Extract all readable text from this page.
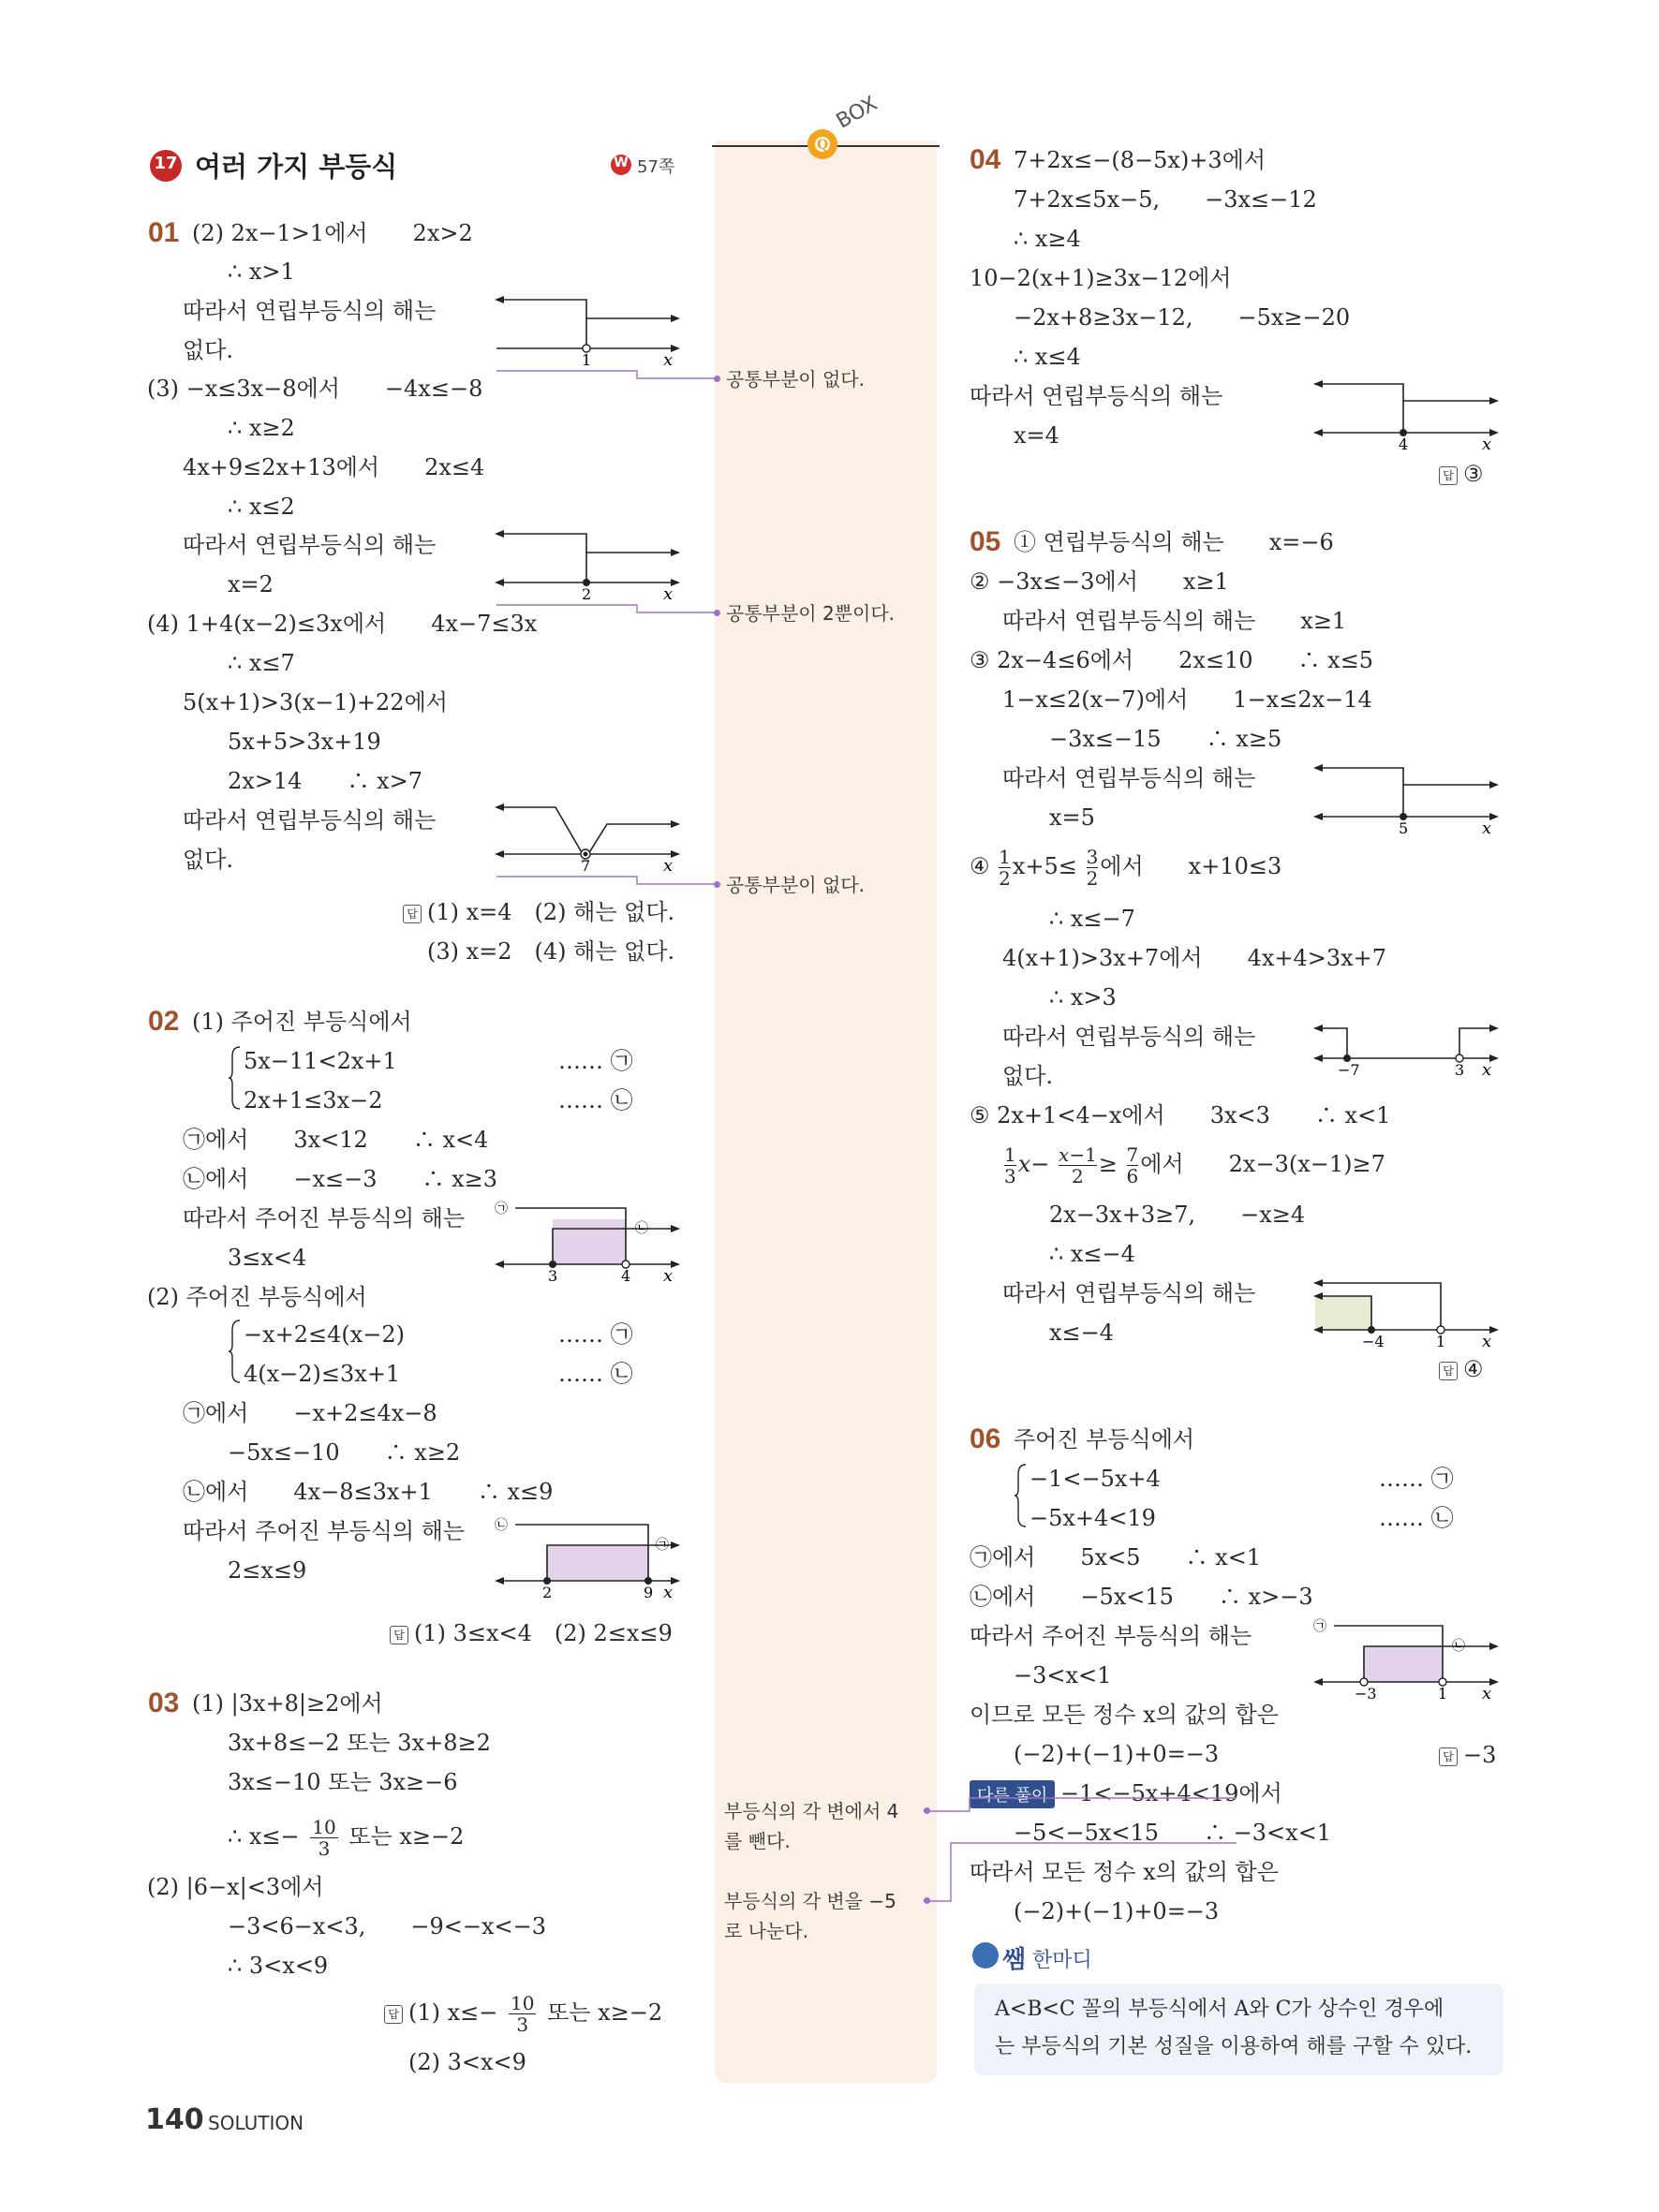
Q
BOX
17 여러 가지 부등식	W 57쪽
01 (2) 2x−1>1에서　　2x>2
∴ x>1
따라서 연립부등식의 해는
없다.
(3) −x≤3x−8에서　　−4x≤−8
∴ x≥2
4x+9≤2x+13에서　　2x≤4
∴ x≤2
따라서 연립부등식의 해는
x=2
(4) 1+4(x−2)≤3x에서　　4x−7≤3x
∴ x≤7
5(x+1)>3(x−1)+22에서
5x+5>3x+19
2x>14　　∴ x>7
따라서 연립부등식의 해는
없다.
1	x
2	x
7	x
공통부분이 없다.
공통부분이 2뿐이다.
공통부분이 없다.
답 (1) x=4　(2) 해는 없다.
(3) x=2　(4) 해는 없다.
02 (1) 주어진 부등식에서
5x−11<2x+1
2x+1≤3x−2
…… ㉠
…… ㉡
㉠에서　　3x<12　　∴ x<4
㉡에서　　−x≤−3　　∴ x≥3
따라서 주어진 부등식의 해는
3≤x<4
(2) 주어진 부등식에서
−x+2≤4(x−2)
4(x−2)≤3x+1
…… ㉠
…… ㉡
㉠에서　　−x+2≤4x−8
−5x≤−10　　∴ x≥2
㉡에서　　4x−8≤3x+1　　∴ x≤9
따라서 주어진 부등식의 해는
2≤x≤9
㉠
㉡
3	4 x
㉡
㉠
2	9 x
답 (1) 3≤x<4　(2) 2≤x≤9
03 (1) |3x+8|≥2에서
3x+8≤−2 또는 3x+8≥2
3x≤−10 또는 3x≥−6
∴ $x\le- \frac{10}{3}$ 또는 x≥−2
(2) |6−x|<3에서
−3<6−x<3,　　−9<−x<−3
∴ 3<x<9
답 (1) $x\le- \frac{10}{3}$ 또는 x≥−2
(2) 3<x<9
140 SOLUTION
04 7+2x≤−(8−5x)+3에서
7+2x≤5x−5,　　−3x≤−12
∴ x≥4
10−2(x+1)≥3x−12에서
−2x+8≥3x−12,　　−5x≥−20
∴ x≤4
따라서 연립부등식의 해는
x=4	4	x
답 ③
05 ① 연립부등식의 해는　　x=−6
② −3x≤−3에서　　x≥1
따라서 연립부등식의 해는　　x≥1
③ 2x−4≤6에서　　2x≤10　　∴ x≤5
1−x≤2(x−7)에서　　1−x≤2x−14
−3x≤−15　　∴ x≥5
따라서 연립부등식의 해는
x=5	5	x
④ $\frac{1}{2} x+5\le \frac{3}{2}$ 에서　　x+10≤3
∴ x≤−7
4(x+1)>3x+7에서　　4x+4>3x+7
∴ x>3
따라서 연립부등식의 해는
없다.	−7	3 x
⑤ 2x+1<4−x에서　　3x<3　　∴ x<1
$\frac{1}{3} x- \frac{x-1}{2} \ge \frac{7}{6}$ 에서　　2x−3(x−1)≥7
2x−3x+3≥7,　　−x≥4
∴ x≤−4
따라서 연립부등식의 해는
x≤−4	−4	1 x
답 ④
06 주어진 부등식에서
−1<−5x+4
−5x+4<19
…… ㉠
…… ㉡
㉠에서　　5x<5　　∴ x<1
㉡에서　　−5x<15　　∴ x>−3
따라서 주어진 부등식의 해는
−3<x<1
이므로 모든 정수 x의 값의 합은
(−2)+(−1)+0=−3
㉠
㉡
−3	1 x
답 −3
다른 풀이 −1<−5x+4<19에서
−5<−5x<15　　∴ −3<x<1
따라서 모든 정수 x의 값의 합은
(−2)+(−1)+0=−3
부등식의 각 변에서 4
를 뺀다.
부등식의 각 변을 −5
로 나눈다.
쌤 한마디
A<B<C 꼴의 부등식에서 A와 C가 상수인 경우에
는 부등식의 기본 성질을 이용하여 해를 구할 수 있다.
